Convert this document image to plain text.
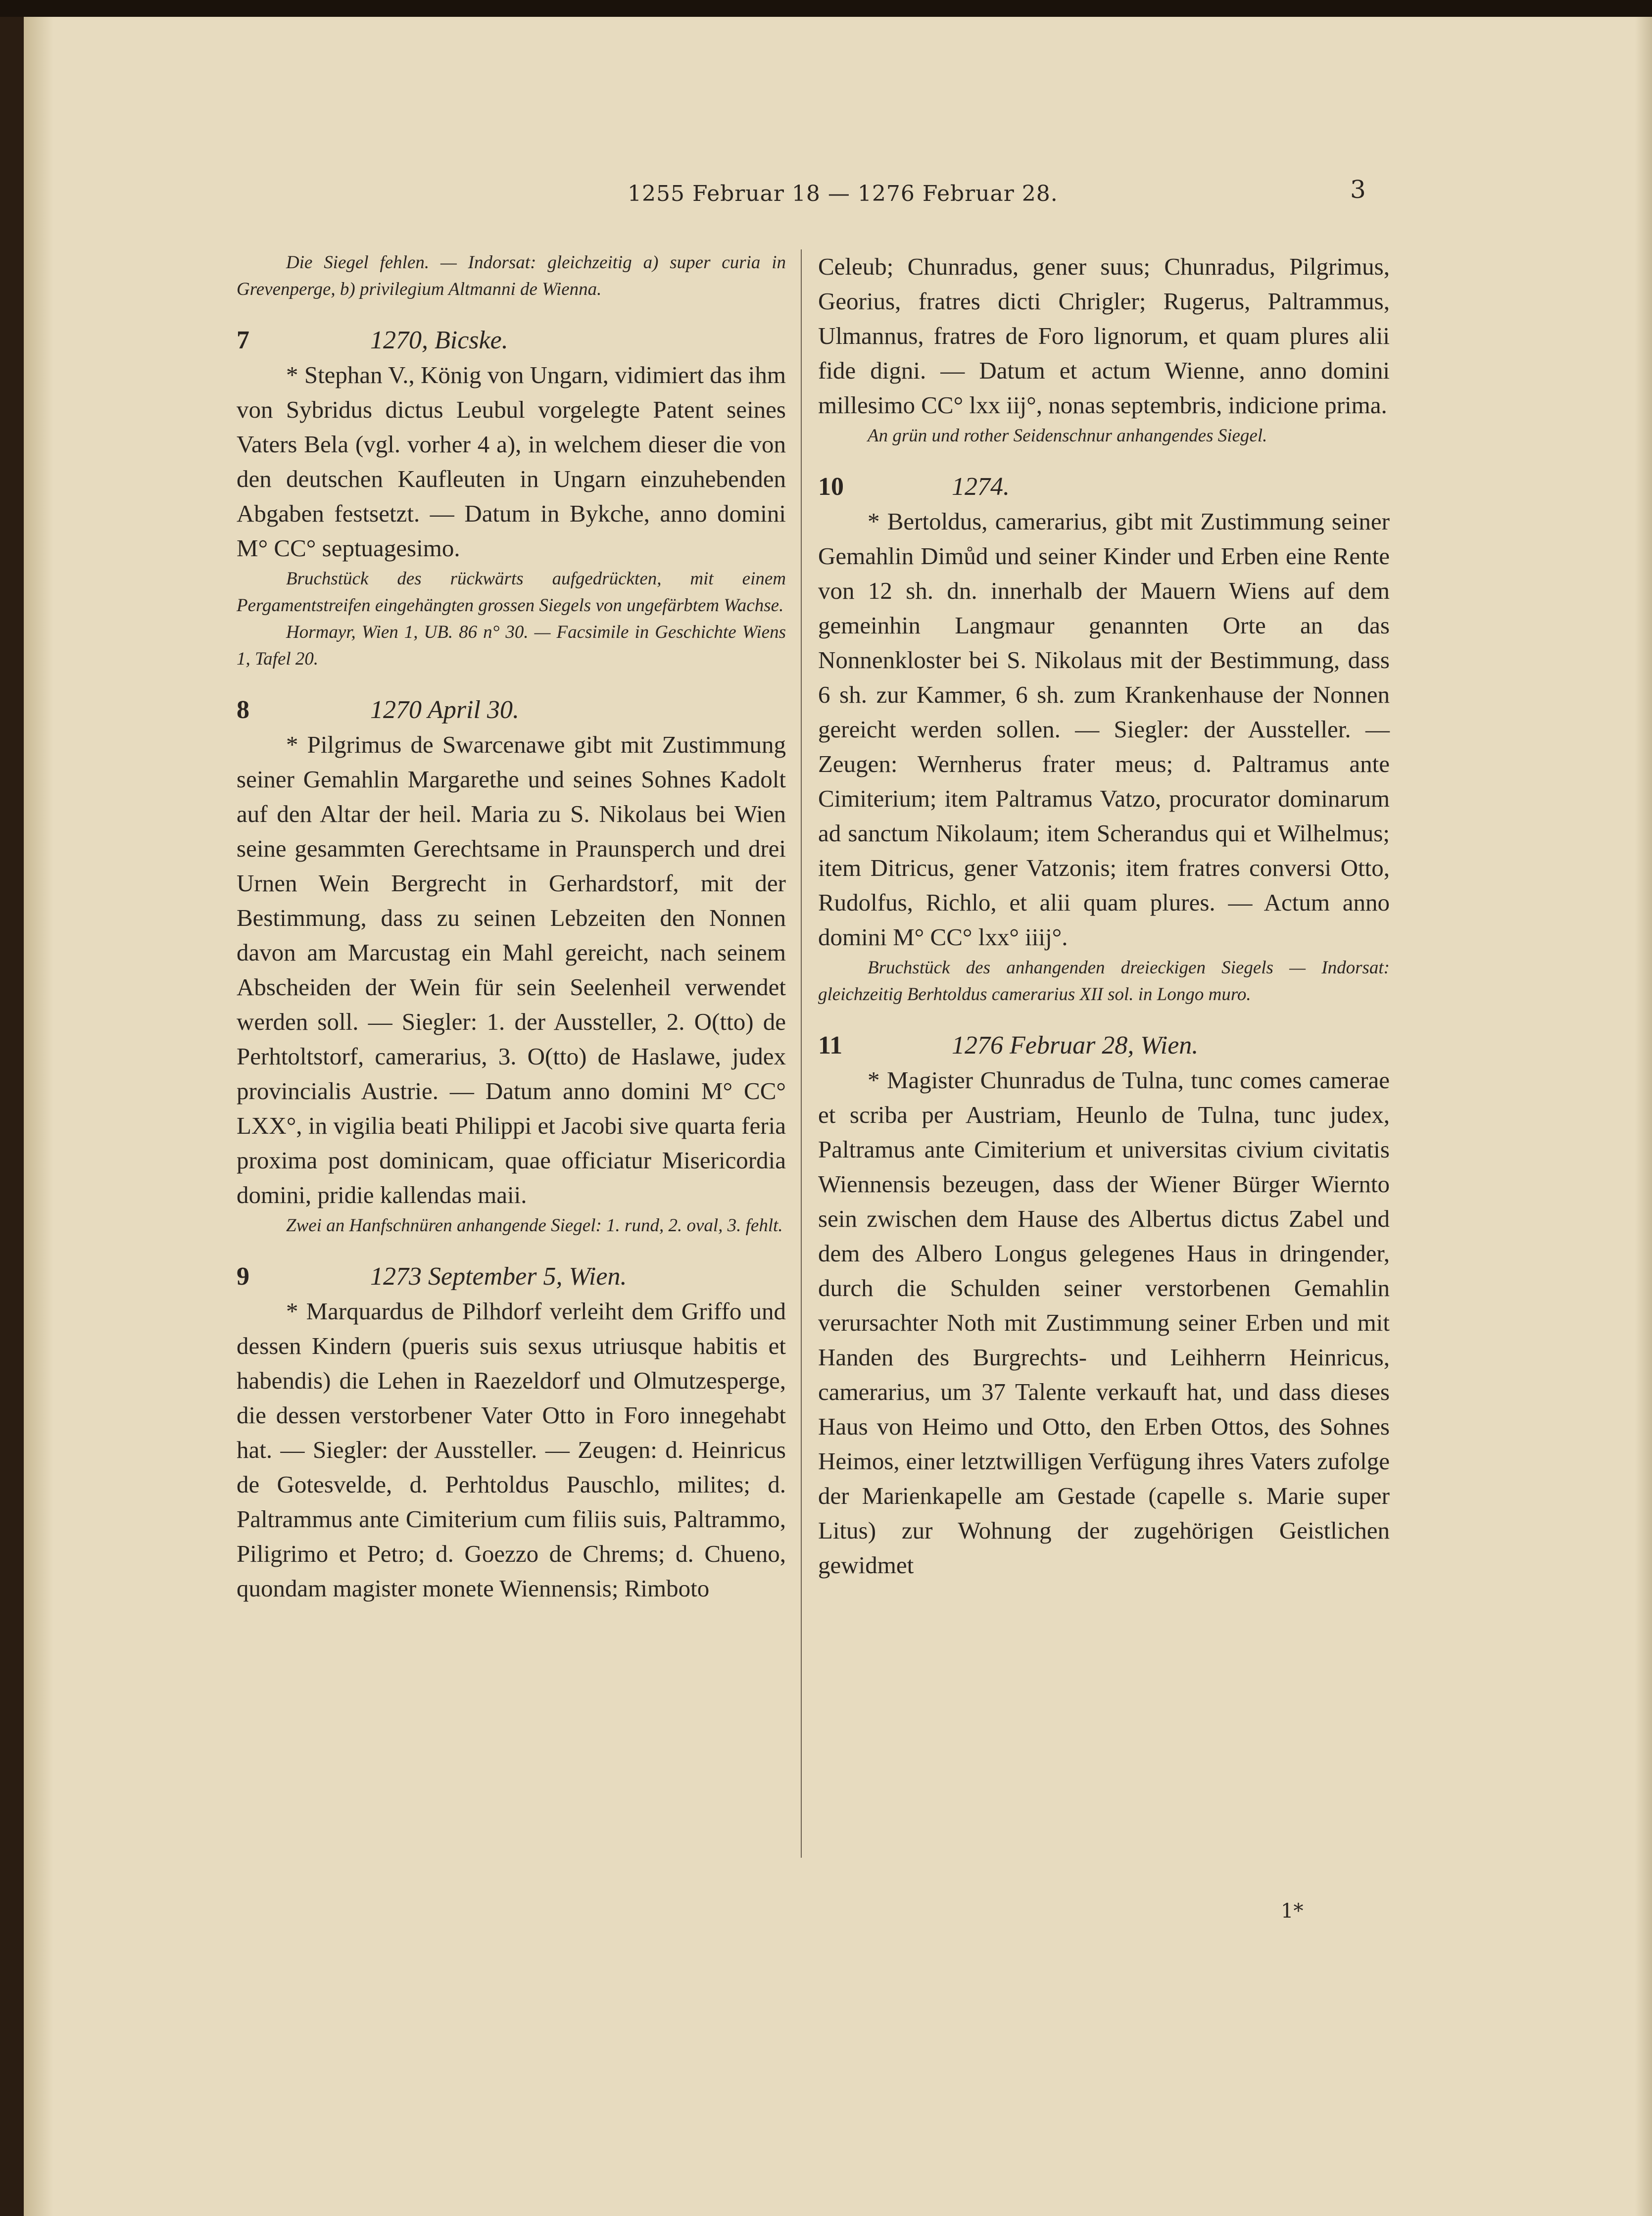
1255 Februar 18 — 1276 Februar 28.	3

Die Siegel fehlen. — Indorsat: gleichzeitig a) super curia in Grevenperge, b) privilegium Altmanni de Wienna.

7	1270, Bicske.

* Stephan V., König von Ungarn, vidimiert das ihm von Sybridus dictus Leubul vorgelegte Patent seines Vaters Bela (vgl. vorher 4 a), in welchem dieser die von den deutschen Kaufleuten in Ungarn einzuhebenden Abgaben festsetzt. — Datum in Bykche, anno domini M° CC° septuagesimo.

Bruchstück des rückwärts aufgedrückten, mit einem Pergamentstreifen eingehängten grossen Siegels von ungefärbtem Wachse.

Hormayr, Wien 1, UB. 86 n° 30. — Facsimile in Geschichte Wiens 1, Tafel 20.

8	1270 April 30.

* Pilgrimus de Swarcenawe gibt mit Zustimmung seiner Gemahlin Margarethe und seines Sohnes Kadolt auf den Altar der heil. Maria zu S. Nikolaus bei Wien seine gesammten Gerechtsame in Praunsperch und drei Urnen Wein Bergrecht in Gerhardstorf, mit der Bestimmung, dass zu seinen Lebzeiten den Nonnen davon am Marcustag ein Mahl gereicht, nach seinem Abscheiden der Wein für sein Seelenheil verwendet werden soll. — Siegler: 1. der Aussteller, 2. O(tto) de Perhtoltstorf, camerarius, 3. O(tto) de Haslawe, judex provincialis Austrie. — Datum anno domini M° CC° LXX°, in vigilia beati Philippi et Jacobi sive quarta feria proxima post dominicam, quae officiatur Misericordia domini, pridie kallendas maii.

Zwei an Hanfschnüren anhangende Siegel: 1. rund, 2. oval, 3. fehlt.

9	1273 September 5, Wien.

* Marquardus de Pilhdorf verleiht dem Griffo und dessen Kindern (pueris suis sexus utriusque habitis et habendis) die Lehen in Raezeldorf und Olmutzesperge, die dessen verstorbener Vater Otto in Foro innegehabt hat. — Siegler: der Aussteller. — Zeugen: d. Heinricus de Gotesvelde, d. Perhtoldus Pauschlo, milites; d. Paltrammus ante Cimiterium cum filiis suis, Paltrammo, Piligrimo et Petro; d. Goezzo de Chrems; d. Chueno, quondam magister monete Wiennensis; Rimboto

Celeub; Chunradus, gener suus; Chunradus, Pilgrimus, Georius, fratres dicti Chrigler; Rugerus, Paltrammus, Ulmannus, fratres de Foro lignorum, et quam plures alii fide digni. — Datum et actum Wienne, anno domini millesimo CC° lxx iij°, nonas septembris, indicione prima.

An grün und rother Seidenschnur anhangendes Siegel.

10	1274.

* Bertoldus, camerarius, gibt mit Zustimmung seiner Gemahlin Dimůd und seiner Kinder und Erben eine Rente von 12 sh. dn. innerhalb der Mauern Wiens auf dem gemeinhin Langmaur genannten Orte an das Nonnenkloster bei S. Nikolaus mit der Bestimmung, dass 6 sh. zur Kammer, 6 sh. zum Krankenhause der Nonnen gereicht werden sollen. — Siegler: der Aussteller. — Zeugen: Wernherus frater meus; d. Paltramus ante Cimiterium; item Paltramus Vatzo, procurator dominarum ad sanctum Nikolaum; item Scherandus qui et Wilhelmus; item Ditricus, gener Vatzonis; item fratres conversi Otto, Rudolfus, Richlo, et alii quam plures. — Actum anno domini M° CC° lxx° iiij°.

Bruchstück des anhangenden dreieckigen Siegels — Indorsat: gleichzeitig Berhtoldus camerarius XII sol. in Longo muro.

11	1276 Februar 28, Wien.

* Magister Chunradus de Tulna, tunc comes camerae et scriba per Austriam, Heunlo de Tulna, tunc judex, Paltramus ante Cimiterium et universitas civium civitatis Wiennensis bezeugen, dass der Wiener Bürger Wiernto sein zwischen dem Hause des Albertus dictus Zabel und dem des Albero Longus gelegenes Haus in dringender, durch die Schulden seiner verstorbenen Gemahlin verursachter Noth mit Zustimmung seiner Erben und mit Handen des Burgrechts- und Leihherrn Heinricus, camerarius, um 37 Talente verkauft hat, und dass dieses Haus von Heimo und Otto, den Erben Ottos, des Sohnes Heimos, einer letztwilligen Verfügung ihres Vaters zufolge der Marienkapelle am Gestade (capelle s. Marie super Litus) zur Wohnung der zugehörigen Geistlichen gewidmet

1*
